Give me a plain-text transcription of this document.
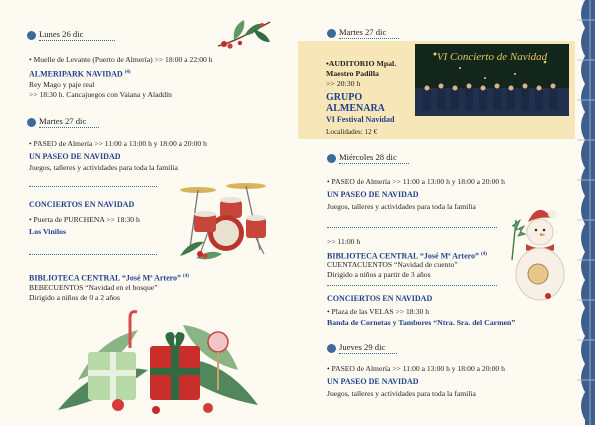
Lunes 26 dic
• Muelle de Levante (Puerto de Almería) >> 18:00 a 22:00 h
ALMERIPARK NAVIDAD $^{(4)}$
Rey Mago y paje real
>> 18:30 h. Cancajuegos con Vaiana y Aladdín
Martes 27 dic
• PASEO de Almería >> 11:00 a 13:00 h y 18:00 a 20:00 h
UN PASEO DE NAVIDAD
Juegos, talleres y actividades para toda la familia
CONCIERTOS EN NAVIDAD
• Puerta de PURCHENA >> 18:30 h
Los Vinilos
BIBLIOTECA CENTRAL “José Mª Artero” $^{(4)}$
BEBECUENTOS “Navidad en el bosque”
Dirigido a niños de 0 a 2 años
Martes 27 dic
•AUDITORIO Mpal.
Maestro Padilla
>> 20:30 h
GRUPO
ALMENARA
VI Festival Navidad
Localidades: 12 €
VI Concierto de Navidad
Miércoles 28 dic
• PASEO de Almería >> 11:00 a 13:00 h y 18:00 a 20:00 h
UN PASEO DE NAVIDAD
Juegos, talleres y actividades para toda la familia
>> 11:00 h
BIBLIOTECA CENTRAL “José Mª Artero” $^{(4)}$
CUENTACUENTOS “Navidad de cuento”
Dirigido a niños a partir de 3 años
CONCIERTOS EN NAVIDAD
• Plaza de las VELAS >> 18:30 h
Banda de Cornetas y Tambores “Ntra. Sra. del Carmen”
Jueves 29 dic
• PASEO de Almería >> 11:00 a 13:00 h y 18:00 a 20:00 h
UN PASEO DE NAVIDAD
Juegos, talleres y actividades para toda la familia
